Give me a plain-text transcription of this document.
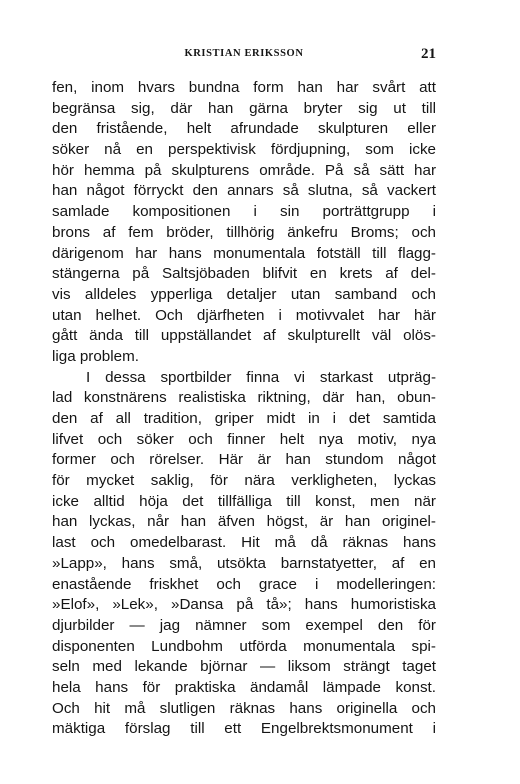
KRISTIAN ERIKSSON	21
fen, inom hvars bundna form han har svårt att
begränsa sig, där han gärna bryter sig ut till
den fristående, helt afrundade skulpturen eller
söker nå en perspektivisk fördjupning, som icke
hör hemma på skulpturens område. På så sätt har
han något förryckt den annars så slutna, så vackert
samlade kompositionen i sin porträttgrupp i
brons af fem bröder, tillhörig änkefru Broms; och
därigenom har hans monumentala fotställ till flagg-
stängerna på Saltsjöbaden blifvit en krets af del-
vis alldeles ypperliga detaljer utan samband och
utan helhet. Och djärfheten i motivvalet har här
gått ända till uppställandet af skulpturellt väl olös-
liga problem.
I dessa sportbilder finna vi starkast utpräg-
lad konstnärens realistiska riktning, där han, obun-
den af all tradition, griper midt in i det samtida
lifvet och söker och finner helt nya motiv, nya
former och rörelser. Här är han stundom något
för mycket saklig, för nära verkligheten, lyckas
icke alltid höja det tillfälliga till konst, men när
han lyckas, når han äfven högst, är han originel-
last och omedelbarast. Hit må då räknas hans
»Lapp», hans små, utsökta barnstatyetter, af en
enastående friskhet och grace i modelleringen:
»Elof», »Lek», »Dansa på tå»; hans humoristiska
djurbilder — jag nämner som exempel den för
disponenten Lundbohm utförda monumentala spi-
seln med lekande björnar — liksom strängt taget
hela hans för praktiska ändamål lämpade konst.
Och hit må slutligen räknas hans originella och
mäktiga förslag till ett Engelbrektsmonument i
